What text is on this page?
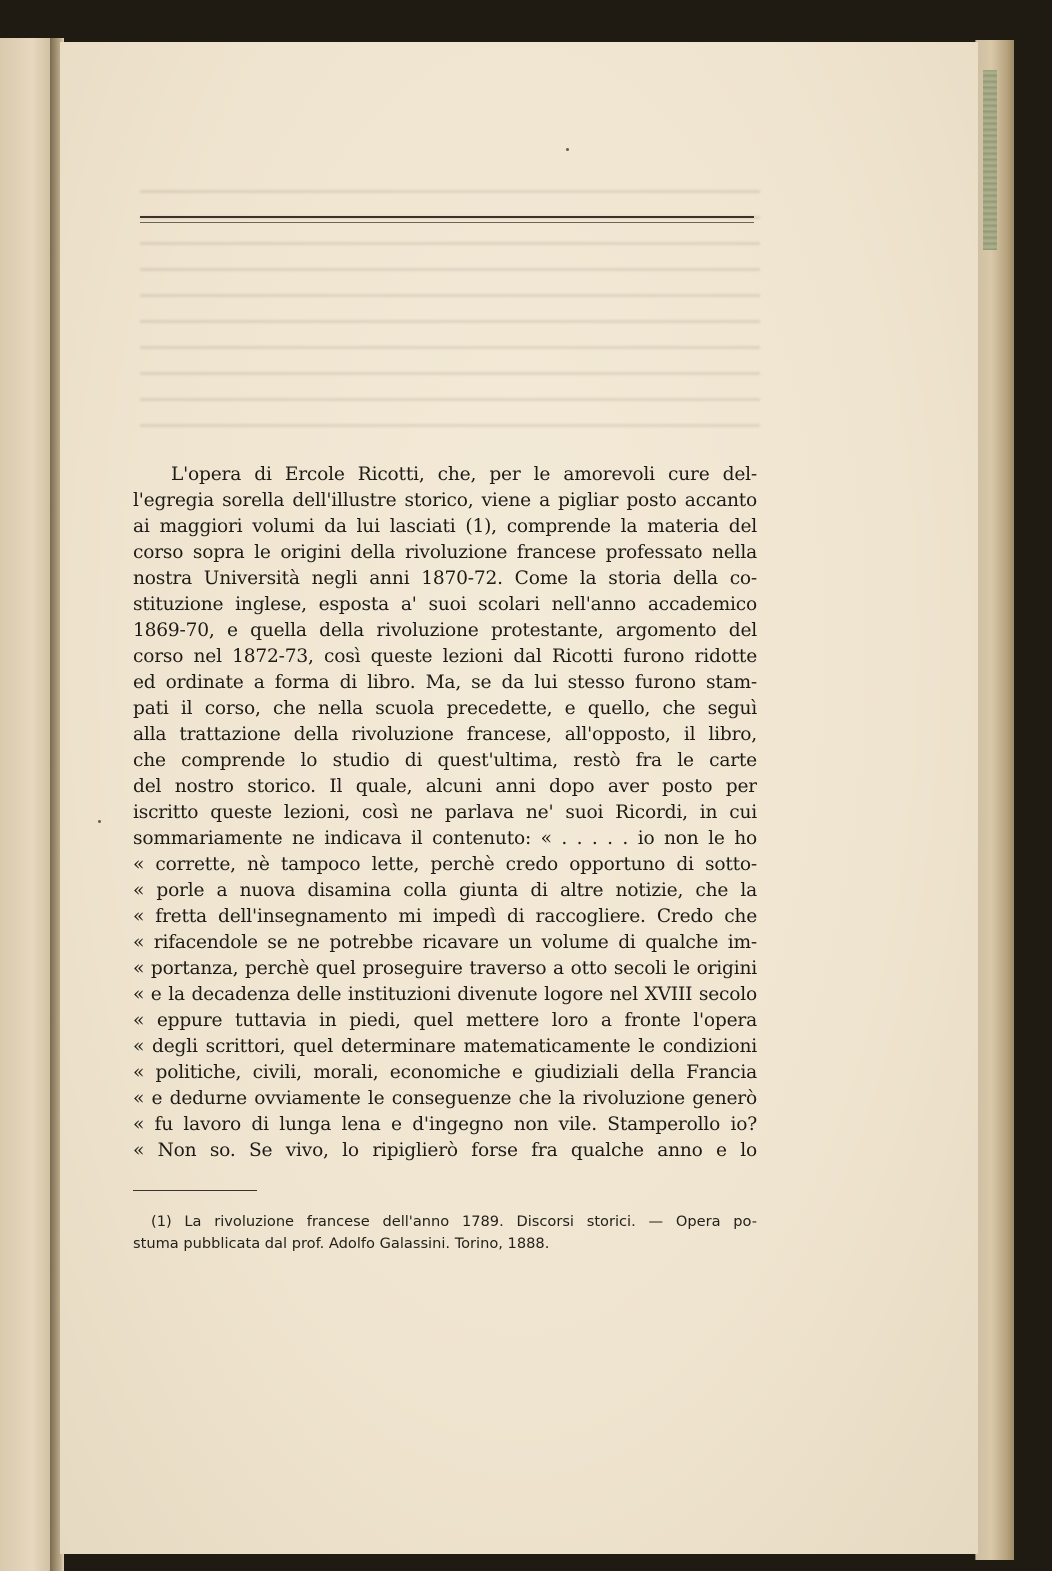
L'opera di Ercole Ricotti, che, per le amorevoli cure del-
l'egregia sorella dell'illustre storico, viene a pigliar posto accanto
ai maggiori volumi da lui lasciati (1), comprende la materia del
corso sopra le origini della rivoluzione francese professato nella
nostra Università negli anni 1870-72. Come la storia della co-
stituzione inglese, esposta a' suoi scolari nell'anno accademico
1869-70, e quella della rivoluzione protestante, argomento del
corso nel 1872-73, così queste lezioni dal Ricotti furono ridotte
ed ordinate a forma di libro. Ma, se da lui stesso furono stam-
pati il corso, che nella scuola precedette, e quello, che seguì
alla trattazione della rivoluzione francese, all'opposto, il libro,
che comprende lo studio di quest'ultima, restò fra le carte
del nostro storico. Il quale, alcuni anni dopo aver posto per
iscritto queste lezioni, così ne parlava ne' suoi Ricordi, in cui
sommariamente ne indicava il contenuto: « . . . . . io non le ho
« corrette, nè tampoco lette, perchè credo opportuno di sotto-
« porle a nuova disamina colla giunta di altre notizie, che la
« fretta dell'insegnamento mi impedì di raccogliere. Credo che
« rifacendole se ne potrebbe ricavare un volume di qualche im-
« portanza, perchè quel proseguire traverso a otto secoli le origini
« e la decadenza delle instituzioni divenute logore nel XVIII secolo
« eppure tuttavia in piedi, quel mettere loro a fronte l'opera
« degli scrittori, quel determinare matematicamente le condizioni
« politiche, civili, morali, economiche e giudiziali della Francia
« e dedurne ovviamente le conseguenze che la rivoluzione generò
« fu lavoro di lunga lena e d'ingegno non vile. Stamperollo io?
« Non so. Se vivo, lo ripiglierò forse fra qualche anno e lo
(1) La rivoluzione francese dell'anno 1789. Discorsi storici. — Opera po-
stuma pubblicata dal prof. Adolfo Galassini. Torino, 1888.
